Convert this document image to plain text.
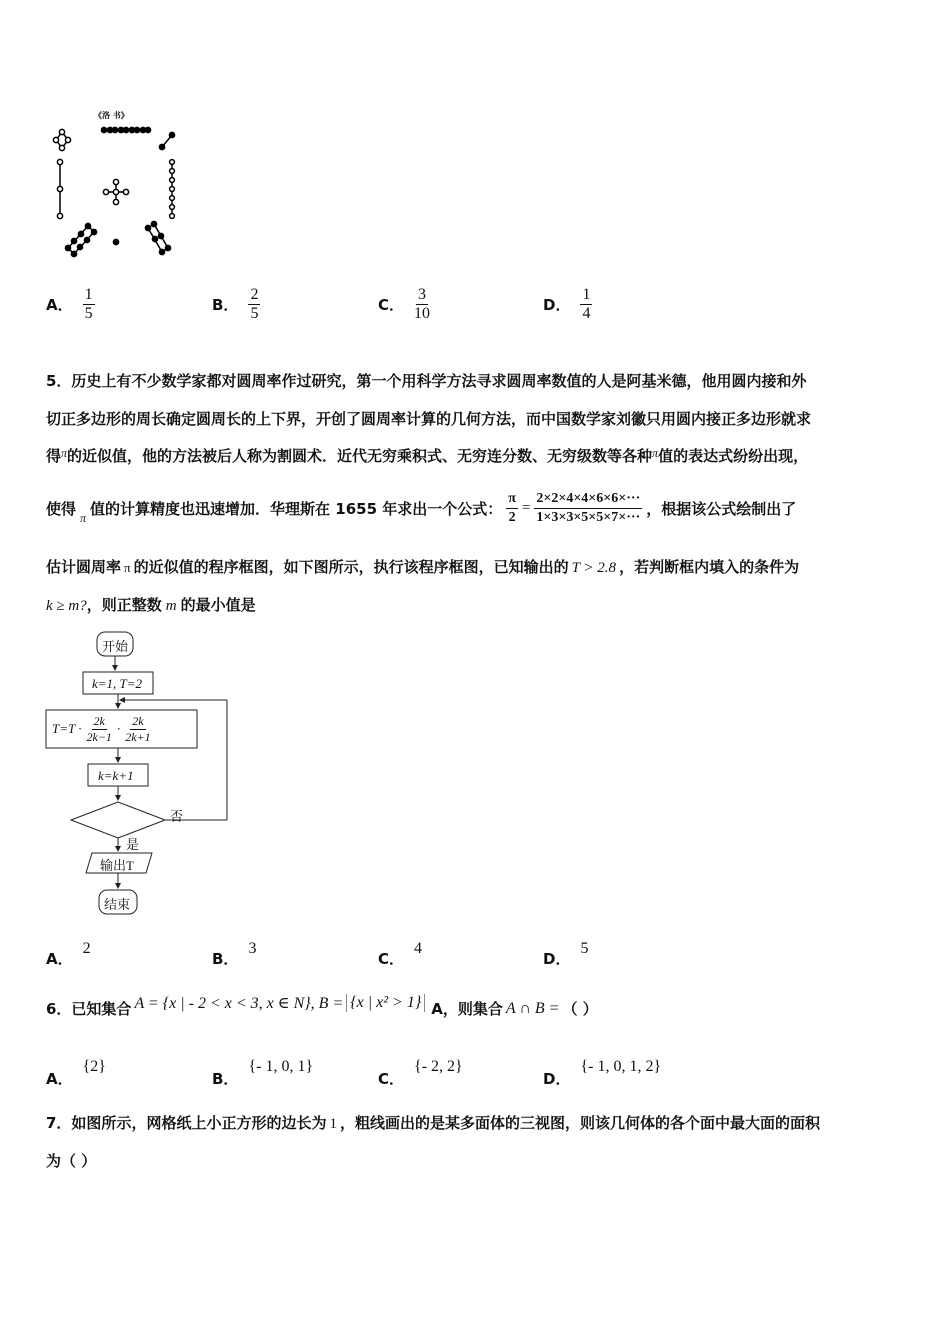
《洛 书》
A． $\frac{1}{5}$	B． $\frac{2}{5}$	C． $\frac{3}{10}$	D． $\frac{1}{4}$
5．历史上有不少数学家都对圆周率作过研究，第一个用科学方法寻求圆周率数值的人是阿基米德，他用圆内接和外
切正多边形的周长确定圆周长的上下界，开创了圆周率计算的几何方法，而中国数学家刘徽只用圆内接正多边形就求
得$^\pi$的近似值，他的方法被后人称为割圆术．近代无穷乘积式、无穷连分数、无穷级数等各种$^\pi$值的表达式纷纷出现，
使得 π 值的计算精度也迅速增加．华理斯在 1655 年求出一个公式： $\frac{\pi}{2} = \frac{2\times 2\times 4\times 4\times 6\times 6\times\cdot\cdot\cdot}{1\times 3\times 3\times 5\times 5\times 7\times\cdot\cdot\cdot}$ ，根据该公式绘制出了
估计圆周率 π 的近似值的程序框图，如下图所示，执行该程序框图，已知输出的 T > 2.8 ，若判断框内填入的条件为
k ≥ m?，则正整数 m 的最小值是
开始
k=1, T=2
$T=T \cdot \frac{2k}{2k-1} \cdot \frac{2k}{2k+1}$
k=k+1
否
是
输出T
结束
A．
2
B．
3
C．
4
D．
5
6．已知集合 A = {x | - 2 < x < 3, x ∈ N}, B = {x | x² > 1} A，则集合 A ∩ B = （ ）
A．
{2}
B．
{- 1, 0, 1}
C．
{- 2, 2}
D．
{- 1, 0, 1, 2}
7．如图所示，网格纸上小正方形的边长为 1 ，粗线画出的是某多面体的三视图，则该几何体的各个面中最大面的面积
为（ ）
